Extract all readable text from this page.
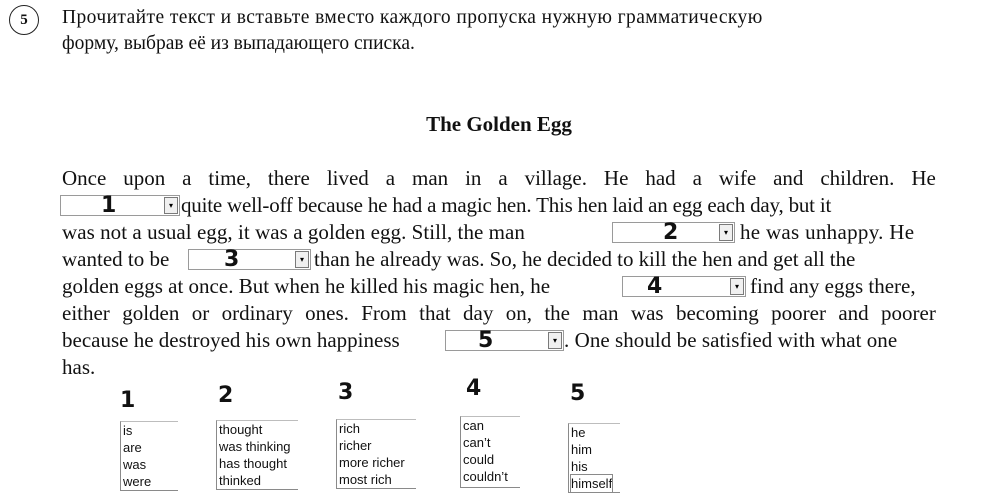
5	Прочитайте текст и вставьте вместо каждого пропуска нужную грамматическую
форму, выбрав её из выпадающего списка.
The Golden Egg
Once upon a time, there lived a man in a village. He had a wife and children. He
quite well-off because he had a magic hen. This hen laid an egg each day, but it
was not a usual egg, it was a golden egg. Still, the man	he was unhappy. He
wanted to be	than he already was. So, he decided to kill the hen and get all the
golden eggs at once. But when he killed his magic hen, he	find any eggs there,
either golden or ordinary ones. From that day on, the man was becoming poorer and poorer
because he destroyed his own happiness	. One should be satisfied with what one
has.
1	▾
2	▾
3	▾
4	▾
5	▾
1	2	3	4	5
is
are
was
were
thought
was thinking
has thought
thinked
rich
richer
more richer
most rich
can
can’t
could
couldn’t
he
him
his
himself
